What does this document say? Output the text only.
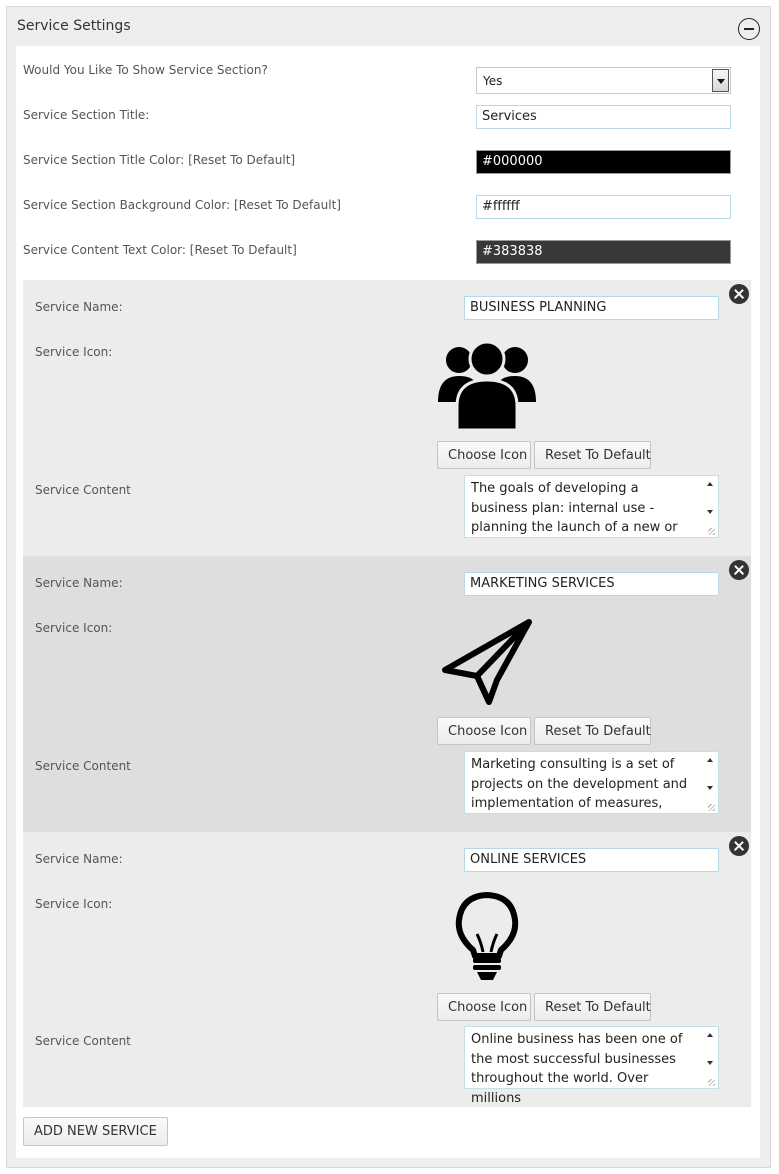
Service Settings
Would You Like To Show Service Section?
Yes
Service Section Title:	Services
Service Section Title Color: [Reset To Default]	#000000
Service Section Background Color: [Reset To Default]	#ffffff
Service Content Text Color: [Reset To Default]	#383838
Service Name:	BUSINESS PLANNING
Service Icon:
Choose Icon	Reset To Default
Service Content	The goals of developing a business plan: internal use - planning the launch of a new or
Service Name:	MARKETING SERVICES
Service Icon:
Choose Icon	Reset To Default
Service Content	Marketing consulting is a set of projects on the development and implementation of measures,
Service Name:	ONLINE SERVICES
Service Icon:
Choose Icon	Reset To Default
Service Content	Online business has been one of the most successful businesses throughout the world. Over millions
ADD NEW SERVICE
